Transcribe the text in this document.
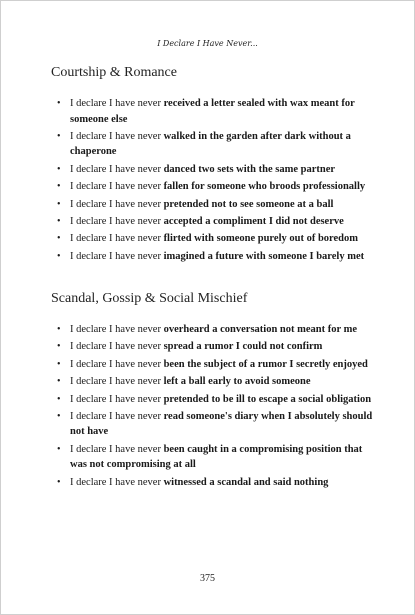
I Declare I Have Never...
Courtship & Romance
• I declare I have never received a letter sealed with wax meant for someone else
• I declare I have never walked in the garden after dark without a chaperone
• I declare I have never danced two sets with the same partner
• I declare I have never fallen for someone who broods professionally
• I declare I have never pretended not to see someone at a ball
• I declare I have never accepted a compliment I did not deserve
• I declare I have never flirted with someone purely out of boredom
• I declare I have never imagined a future with someone I barely met
Scandal, Gossip & Social Mischief
• I declare I have never overheard a conversation not meant for me
• I declare I have never spread a rumor I could not confirm
• I declare I have never been the subject of a rumor I secretly enjoyed
• I declare I have never left a ball early to avoid someone
• I declare I have never pretended to be ill to escape a social obligation
• I declare I have never read someone's diary when I absolutely should not have
• I declare I have never been caught in a compromising position that was not compromising at all
• I declare I have never witnessed a scandal and said nothing
375
